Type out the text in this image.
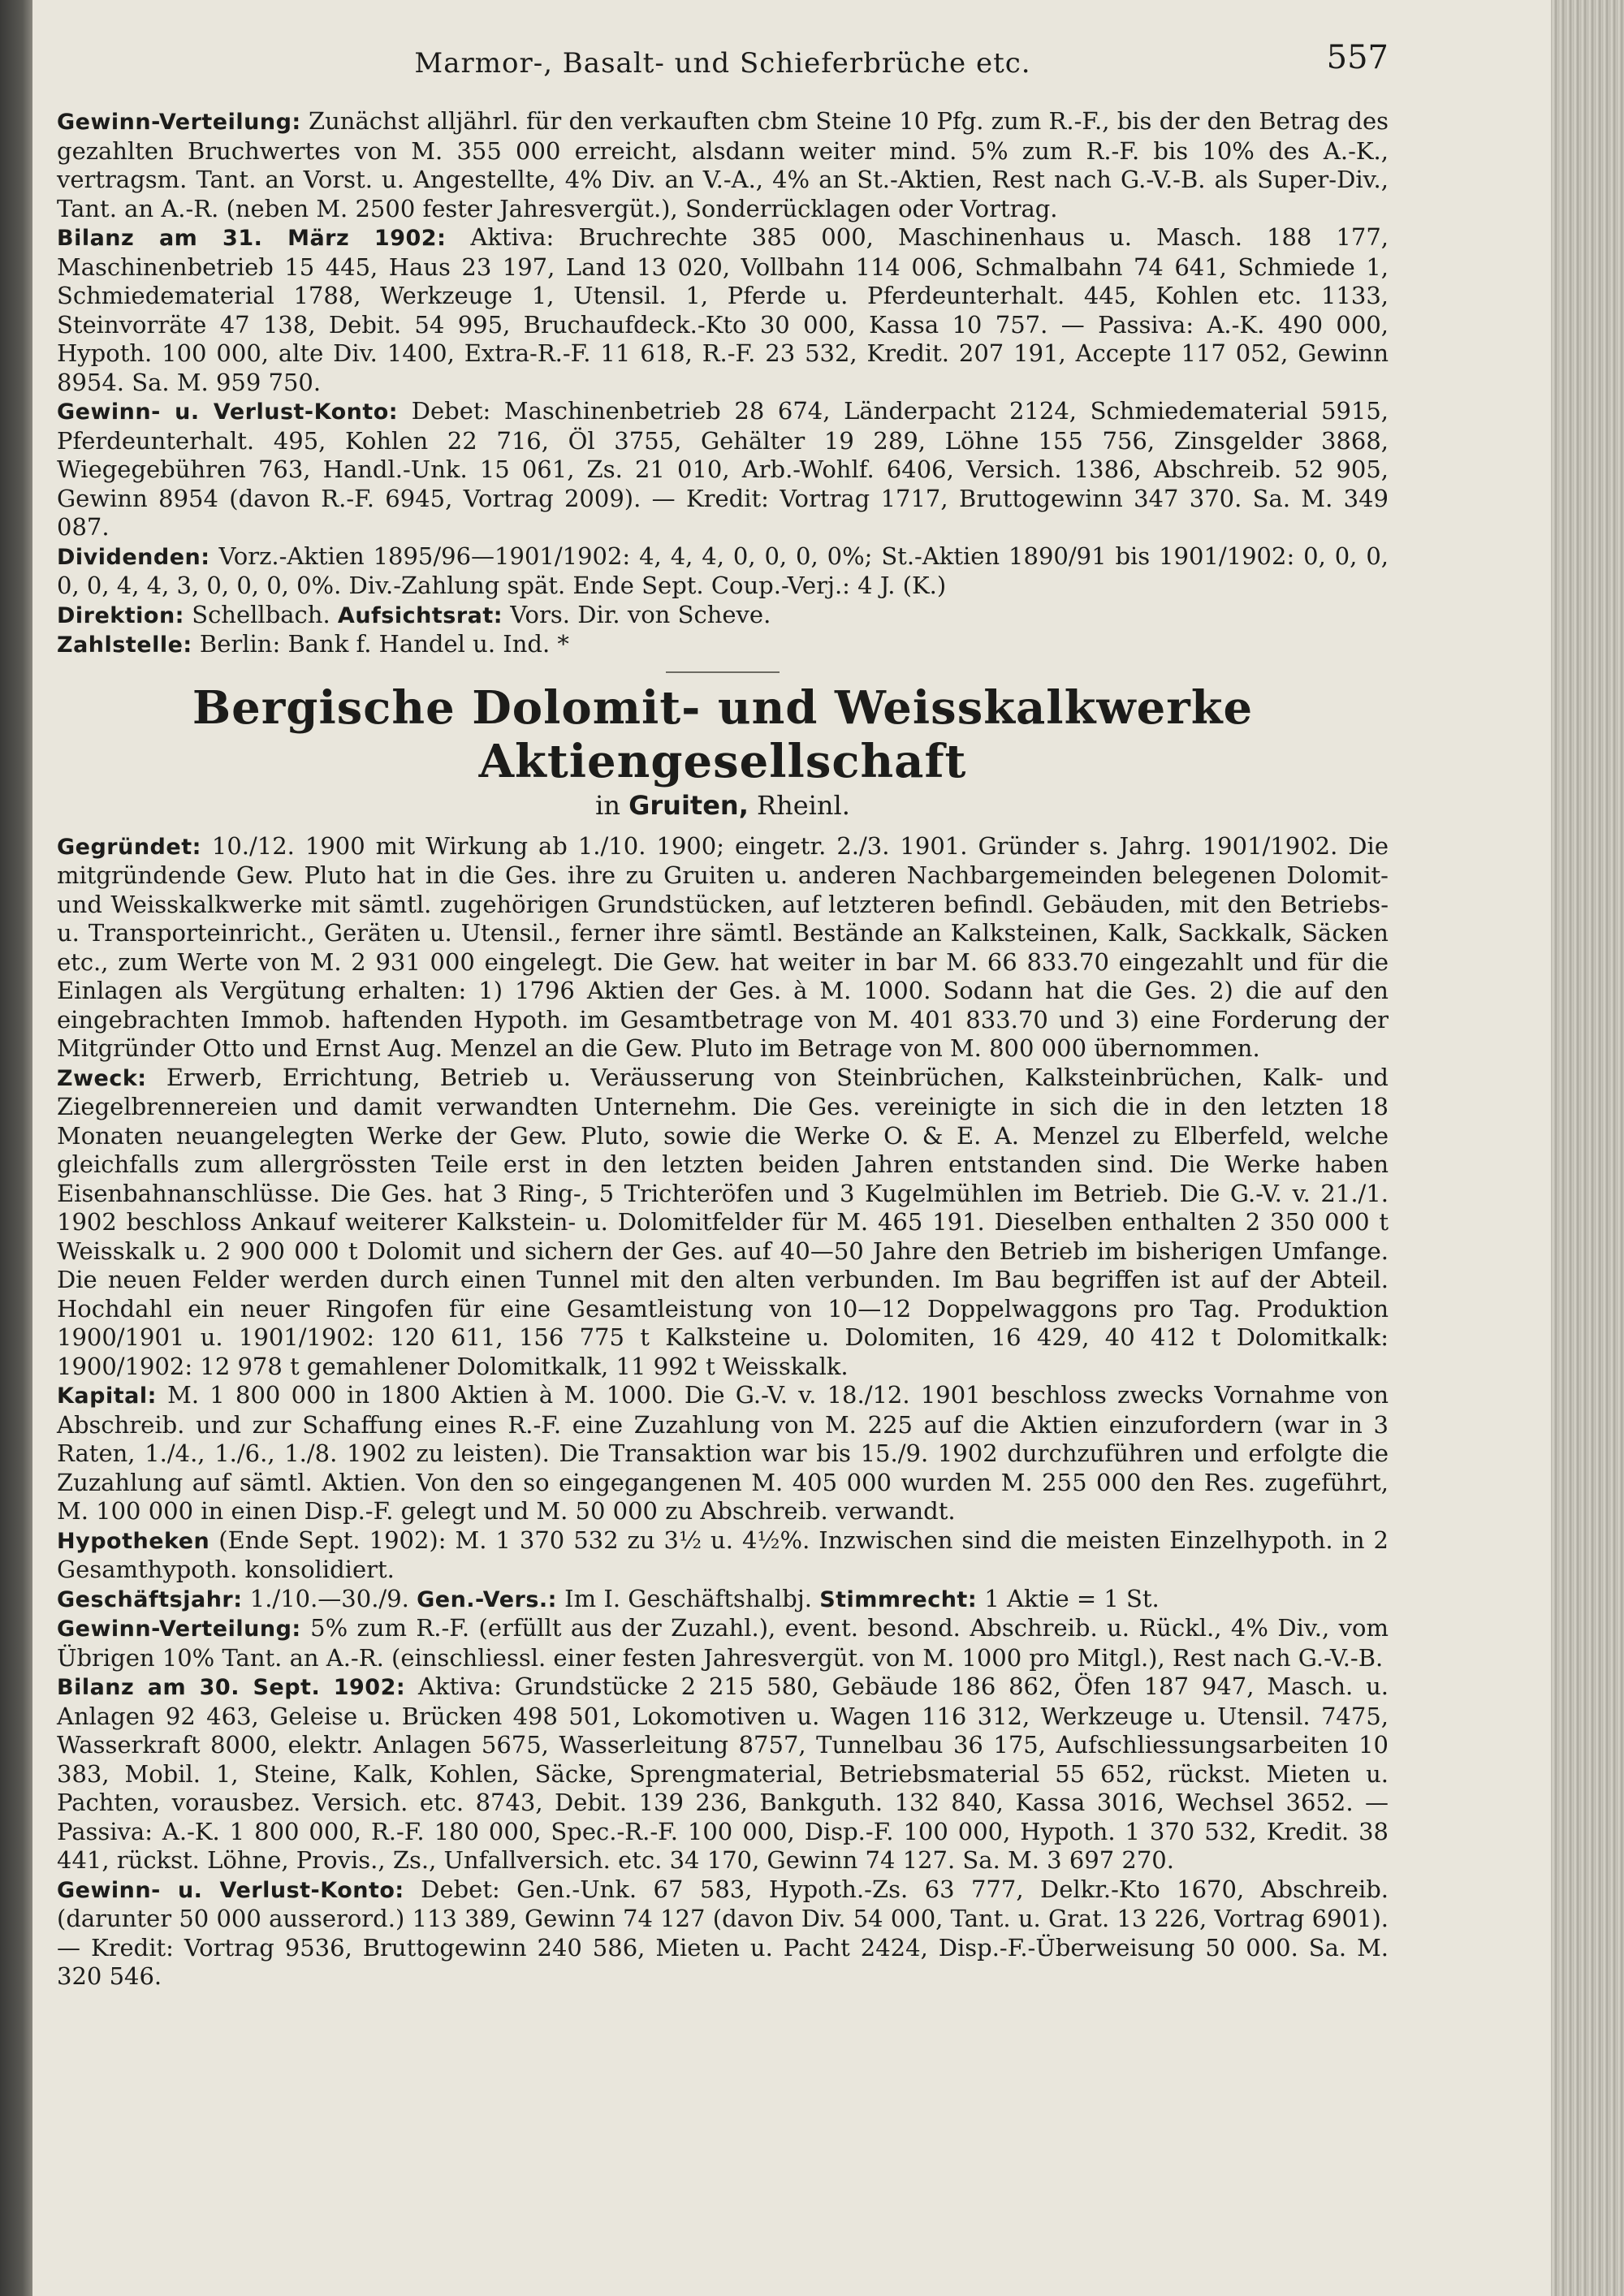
Marmor-, Basalt- und Schieferbrüche etc.	557

Gewinn-Verteilung: Zunächst alljährl. für den verkauften cbm Steine 10 Pfg. zum R.-F., bis der den Betrag des gezahlten Bruchwertes von M. 355 000 erreicht, alsdann weiter mind. 5% zum R.-F. bis 10% des A.-K., vertragsm. Tant. an Vorst. u. Angestellte, 4% Div. an V.-A., 4% an St.-Aktien, Rest nach G.-V.-B. als Super-Div., Tant. an A.-R. (neben M. 2500 fester Jahresvergüt.), Sonderrücklagen oder Vortrag.

Bilanz am 31. März 1902: Aktiva: Bruchrechte 385 000, Maschinenhaus u. Masch. 188 177, Maschinenbetrieb 15 445, Haus 23 197, Land 13 020, Vollbahn 114 006, Schmalbahn 74 641, Schmiede 1, Schmiedematerial 1788, Werkzeuge 1, Utensil. 1, Pferde u. Pferdeunterhalt. 445, Kohlen etc. 1133, Steinvorräte 47 138, Debit. 54 995, Bruchaufdeck.-Kto 30 000, Kassa 10 757. — Passiva: A.-K. 490 000, Hypoth. 100 000, alte Div. 1400, Extra-R.-F. 11 618, R.-F. 23 532, Kredit. 207 191, Accepte 117 052, Gewinn 8954. Sa. M. 959 750.

Gewinn- u. Verlust-Konto: Debet: Maschinenbetrieb 28 674, Länderpacht 2124, Schmiedematerial 5915, Pferdeunterhalt. 495, Kohlen 22 716, Öl 3755, Gehälter 19 289, Löhne 155 756, Zinsgelder 3868, Wiegegebühren 763, Handl.-Unk. 15 061, Zs. 21 010, Arb.-Wohlf. 6406, Versich. 1386, Abschreib. 52 905, Gewinn 8954 (davon R.-F. 6945, Vortrag 2009). — Kredit: Vortrag 1717, Bruttogewinn 347 370. Sa. M. 349 087.

Dividenden: Vorz.-Aktien 1895/96—1901/1902: 4, 4, 4, 0, 0, 0, 0%; St.-Aktien 1890/91 bis 1901/1902: 0, 0, 0, 0, 0, 4, 4, 3, 0, 0, 0, 0%. Div.-Zahlung spät. Ende Sept. Coup.-Verj.: 4 J. (K.)

Direktion: Schellbach. Aufsichtsrat: Vors. Dir. von Scheve.

Zahlstelle: Berlin: Bank f. Handel u. Ind. *

Bergische Dolomit- und Weisskalkwerke Aktiengesellschaft
in Gruiten, Rheinl.

Gegründet: 10./12. 1900 mit Wirkung ab 1./10. 1900; eingetr. 2./3. 1901. Gründer s. Jahrg. 1901/1902. Die mitgründende Gew. Pluto hat in die Ges. ihre zu Gruiten u. anderen Nachbargemeinden belegenen Dolomit- und Weisskalkwerke mit sämtl. zugehörigen Grundstücken, auf letzteren befindl. Gebäuden, mit den Betriebs- u. Transporteinricht., Geräten u. Utensil., ferner ihre sämtl. Bestände an Kalksteinen, Kalk, Sackkalk, Säcken etc., zum Werte von M. 2 931 000 eingelegt. Die Gew. hat weiter in bar M. 66 833.70 eingezahlt und für die Einlagen als Vergütung erhalten: 1) 1796 Aktien der Ges. à M. 1000. Sodann hat die Ges. 2) die auf den eingebrachten Immob. haftenden Hypoth. im Gesamtbetrage von M. 401 833.70 und 3) eine Forderung der Mitgründer Otto und Ernst Aug. Menzel an die Gew. Pluto im Betrage von M. 800 000 übernommen.

Zweck: Erwerb, Errichtung, Betrieb u. Veräusserung von Steinbrüchen, Kalksteinbrüchen, Kalk- und Ziegelbrennereien und damit verwandten Unternehm. Die Ges. vereinigte in sich die in den letzten 18 Monaten neuangelegten Werke der Gew. Pluto, sowie die Werke O. & E. A. Menzel zu Elberfeld, welche gleichfalls zum allergrössten Teile erst in den letzten beiden Jahren entstanden sind. Die Werke haben Eisenbahnanschlüsse. Die Ges. hat 3 Ring-, 5 Trichteröfen und 3 Kugelmühlen im Betrieb. Die G.-V. v. 21./1. 1902 beschloss Ankauf weiterer Kalkstein- u. Dolomitfelder für M. 465 191. Dieselben enthalten 2 350 000 t Weisskalk u. 2 900 000 t Dolomit und sichern der Ges. auf 40—50 Jahre den Betrieb im bisherigen Umfange. Die neuen Felder werden durch einen Tunnel mit den alten verbunden. Im Bau begriffen ist auf der Abteil. Hochdahl ein neuer Ringofen für eine Gesamtleistung von 10—12 Doppelwaggons pro Tag. Produktion 1900/1901 u. 1901/1902: 120 611, 156 775 t Kalksteine u. Dolomiten, 16 429, 40 412 t Dolomitkalk: 1900/1902: 12 978 t gemahlener Dolomitkalk, 11 992 t Weisskalk.

Kapital: M. 1 800 000 in 1800 Aktien à M. 1000. Die G.-V. v. 18./12. 1901 beschloss zwecks Vornahme von Abschreib. und zur Schaffung eines R.-F. eine Zuzahlung von M. 225 auf die Aktien einzufordern (war in 3 Raten, 1./4., 1./6., 1./8. 1902 zu leisten). Die Transaktion war bis 15./9. 1902 durchzuführen und erfolgte die Zuzahlung auf sämtl. Aktien. Von den so eingegangenen M. 405 000 wurden M. 255 000 den Res. zugeführt, M. 100 000 in einen Disp.-F. gelegt und M. 50 000 zu Abschreib. verwandt.

Hypotheken (Ende Sept. 1902): M. 1 370 532 zu 3½ u. 4½%. Inzwischen sind die meisten Einzelhypoth. in 2 Gesamthypoth. konsolidiert.

Geschäftsjahr: 1./10.—30./9. Gen.-Vers.: Im I. Geschäftshalbj. Stimmrecht: 1 Aktie = 1 St.

Gewinn-Verteilung: 5% zum R.-F. (erfüllt aus der Zuzahl.), event. besond. Abschreib. u. Rückl., 4% Div., vom Übrigen 10% Tant. an A.-R. (einschliessl. einer festen Jahresvergüt. von M. 1000 pro Mitgl.), Rest nach G.-V.-B.

Bilanz am 30. Sept. 1902: Aktiva: Grundstücke 2 215 580, Gebäude 186 862, Öfen 187 947, Masch. u. Anlagen 92 463, Geleise u. Brücken 498 501, Lokomotiven u. Wagen 116 312, Werkzeuge u. Utensil. 7475, Wasserkraft 8000, elektr. Anlagen 5675, Wasserleitung 8757, Tunnelbau 36 175, Aufschliessungsarbeiten 10 383, Mobil. 1, Steine, Kalk, Kohlen, Säcke, Sprengmaterial, Betriebsmaterial 55 652, rückst. Mieten u. Pachten, vorausbez. Versich. etc. 8743, Debit. 139 236, Bankguth. 132 840, Kassa 3016, Wechsel 3652. — Passiva: A.-K. 1 800 000, R.-F. 180 000, Spec.-R.-F. 100 000, Disp.-F. 100 000, Hypoth. 1 370 532, Kredit. 38 441, rückst. Löhne, Provis., Zs., Unfallversich. etc. 34 170, Gewinn 74 127. Sa. M. 3 697 270.

Gewinn- u. Verlust-Konto: Debet: Gen.-Unk. 67 583, Hypoth.-Zs. 63 777, Delkr.-Kto 1670, Abschreib. (darunter 50 000 ausserord.) 113 389, Gewinn 74 127 (davon Div. 54 000, Tant. u. Grat. 13 226, Vortrag 6901). — Kredit: Vortrag 9536, Bruttogewinn 240 586, Mieten u. Pacht 2424, Disp.-F.-Überweisung 50 000. Sa. M. 320 546.
